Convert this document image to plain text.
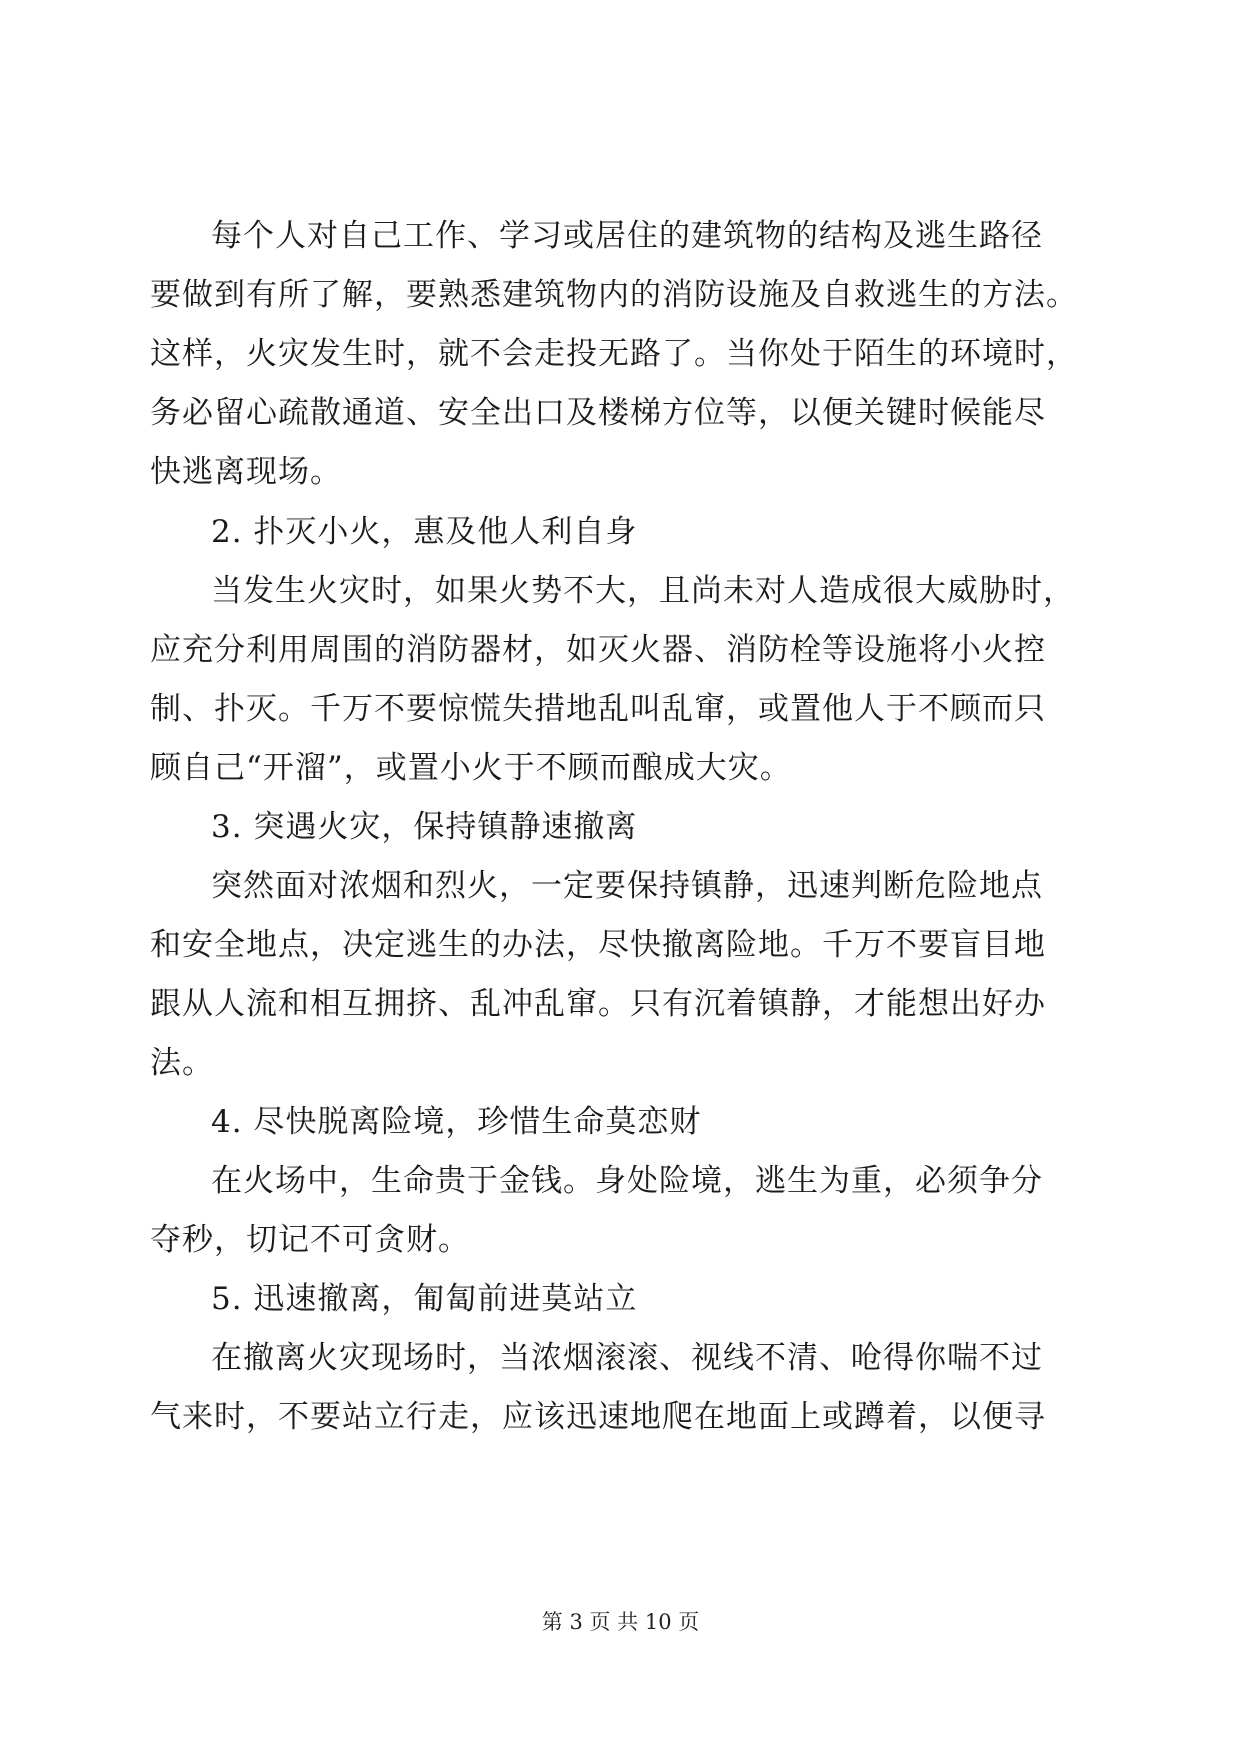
每个人对自己工作、学习或居住的建筑物的结构及逃生路径
要做到有所了解，要熟悉建筑物内的消防设施及自救逃生的方法。
这样，火灾发生时，就不会走投无路了。当你处于陌生的环境时，
务必留心疏散通道、安全出口及楼梯方位等，以便关键时候能尽
快逃离现场。
2. 扑灭小火，惠及他人利自身
当发生火灾时，如果火势不大，且尚未对人造成很大威胁时，
应充分利用周围的消防器材，如灭火器、消防栓等设施将小火控
制、扑灭。千万不要惊慌失措地乱叫乱窜，或置他人于不顾而只
顾自己“开溜”，或置小火于不顾而酿成大灾。
3. 突遇火灾，保持镇静速撤离
突然面对浓烟和烈火，一定要保持镇静，迅速判断危险地点
和安全地点，决定逃生的办法，尽快撤离险地。千万不要盲目地
跟从人流和相互拥挤、乱冲乱窜。只有沉着镇静，才能想出好办
法。
4. 尽快脱离险境，珍惜生命莫恋财
在火场中，生命贵于金钱。身处险境，逃生为重，必须争分
夺秒，切记不可贪财。
5. 迅速撤离，匍匐前进莫站立
在撤离火灾现场时，当浓烟滚滚、视线不清、呛得你喘不过
气来时，不要站立行走，应该迅速地爬在地面上或蹲着，以便寻
第 3 页 共 10 页
